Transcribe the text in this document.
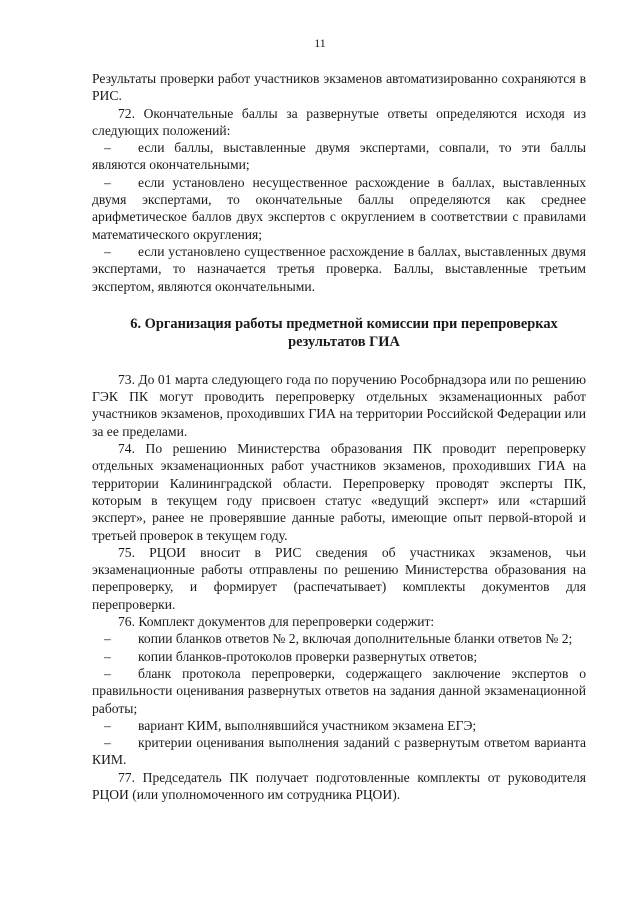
11

Результаты проверки работ участников экзаменов автоматизированно сохраняются в РИС.

72. Окончательные баллы за развернутые ответы определяются исходя из следующих положений:

– если баллы, выставленные двумя экспертами, совпали, то эти баллы являются окончательными;

– если установлено несущественное расхождение в баллах, выставленных двумя экспертами, то окончательные баллы определяются как среднее арифметическое баллов двух экспертов с округлением в соответствии с правилами математического округления;

– если установлено существенное расхождение в баллах, выставленных двумя экспертами, то назначается третья проверка. Баллы, выставленные третьим экспертом, являются окончательными.

6. Организация работы предметной комиссии при перепроверках результатов ГИА

73. До 01 марта следующего года по поручению Рособрнадзора или по решению ГЭК ПК могут проводить перепроверку отдельных экзаменационных работ участников экзаменов, проходивших ГИА на территории Российской Федерации или за ее пределами.

74. По решению Министерства образования ПК проводит перепроверку отдельных экзаменационных работ участников экзаменов, проходивших ГИА на территории Калининградской области. Перепроверку проводят эксперты ПК, которым в текущем году присвоен статус «ведущий эксперт» или «старший эксперт», ранее не проверявшие данные работы, имеющие опыт первой-второй и третьей проверок в текущем году.

75. РЦОИ вносит в РИС сведения об участниках экзаменов, чьи экзаменационные работы отправлены по решению Министерства образования на перепроверку, и формирует (распечатывает) комплекты документов для перепроверки.

76. Комплект документов для перепроверки содержит:

– копии бланков ответов № 2, включая дополнительные бланки ответов № 2;

– копии бланков-протоколов проверки развернутых ответов;

– бланк протокола перепроверки, содержащего заключение экспертов о правильности оценивания развернутых ответов на задания данной экзаменационной работы;

– вариант КИМ, выполнявшийся участником экзамена ЕГЭ;

– критерии оценивания выполнения заданий с развернутым ответом варианта КИМ.

77. Председатель ПК получает подготовленные комплекты от руководителя РЦОИ (или уполномоченного им сотрудника РЦОИ).
